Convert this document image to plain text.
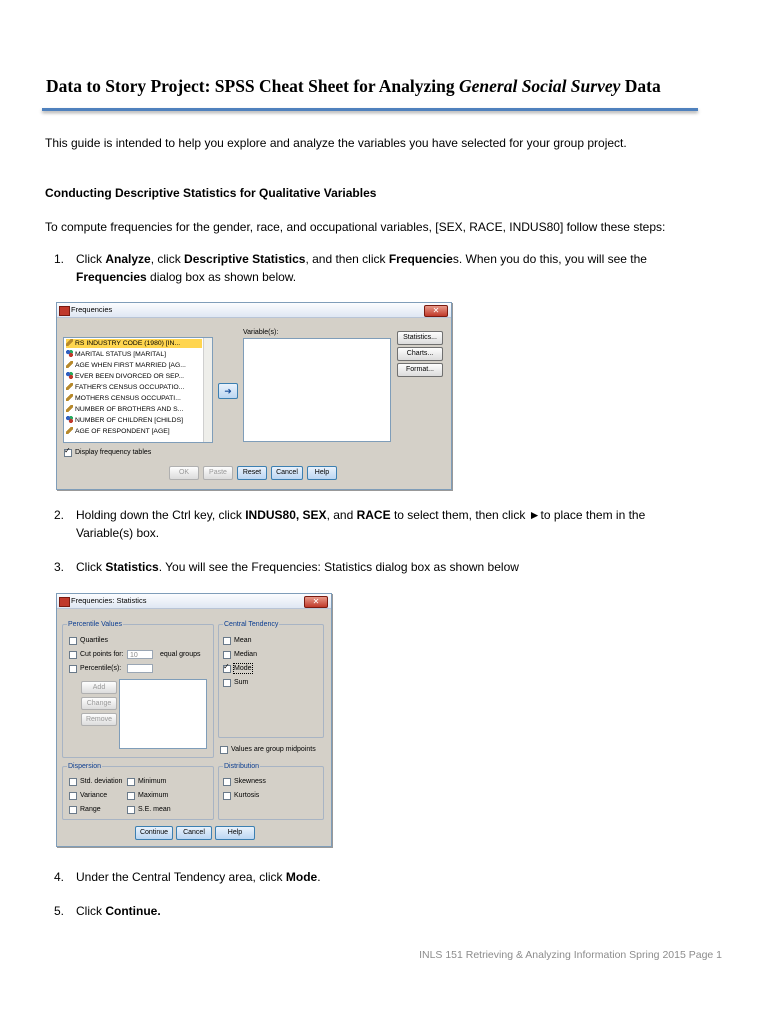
Data to Story Project: SPSS Cheat Sheet for Analyzing General Social Survey Data
This guide is intended to help you explore and analyze the variables you have selected for your group project.
Conducting Descriptive Statistics for Qualitative Variables
To compute frequencies for the gender, race, and occupational variables, [SEX, RACE, INDUS80] follow these steps:
1. Click Analyze, click Descriptive Statistics, and then click Frequencies. When you do this, you will see the
Frequencies dialog box as shown below.
Frequencies	✕
RS INDUSTRY CODE (1980) [IN...
MARITAL STATUS [MARITAL]
AGE WHEN FIRST MARRIED [AG...
EVER BEEN DIVORCED OR SEP...
FATHER'S CENSUS OCCUPATIO...
MOTHERS CENSUS OCCUPATI...
NUMBER OF BROTHERS AND S...
NUMBER OF CHILDREN [CHILDS]
AGE OF RESPONDENT [AGE]
➜
Variable(s):
Statistics...
Charts...
Format...
✓
Display frequency tables
OK	Paste	Reset	Cancel	Help
2. Holding down the Ctrl key, click INDUS80, SEX, and RACE to select them, then click ►to place them in the
Variable(s) box.
3. Click Statistics. You will see the Frequencies: Statistics dialog box as shown below
Frequencies: Statistics	✕
Percentile Values
Quartiles
Cut points for: 10	equal groups
Percentile(s):
Add
Change
Remove
Central Tendency
Mean
Median
✓
Mode
Sum
Values are group midpoints
Dispersion
Std. deviation Minimum
Variance	Maximum
Range	S.E. mean
Distribution
Skewness
Kurtosis
Continue	Cancel	Help
4. Under the Central Tendency area, click Mode.
5. Click Continue.
INLS 151 Retrieving & Analyzing Information Spring 2015 Page 1
